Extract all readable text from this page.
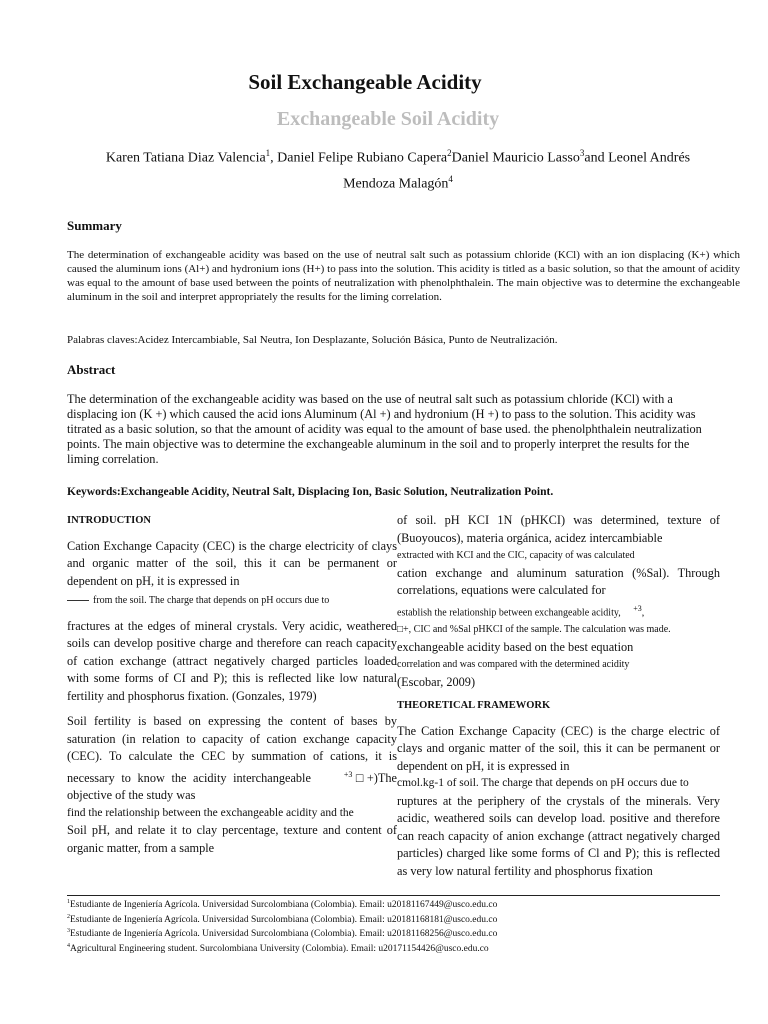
Soil Exchangeable Acidity
Exchangeable Soil Acidity
Karen Tatiana Diaz Valencia$^1$, Daniel Felipe Rubiano Capera$^2$Daniel Mauricio Lasso$^3$and Leonel Andrés
Mendoza Malagón$^4$
Summary
The determination of exchangeable acidity was based on the use of neutral salt such as potassium chloride (KCl) with an ion displacing (K+) which caused the aluminum ions (Al+) and hydronium ions (H+) to pass into the solution. This acidity is titled as a basic solution, so that the amount of acidity was equal to the amount of base used between the points of neutralization with phenolphthalein. The main objective was to determine the exchangeable aluminum in the soil and interpret appropriately the results for the liming correlation.
Palabras claves:Acidez Intercambiable, Sal Neutra, Ion Desplazante, Solución Básica, Punto de Neutralización.
Abstract
The determination of the exchangeable acidity was based on the use of neutral salt such as potassium chloride (KCl) with a displacing ion (K +) which caused the acid ions Aluminum (Al +) and hydronium (H +) to pass to the solution. This acidity was titrated as a basic solution, so that the amount of acidity was equal to the amount of base used. the phenolphthalein neutralization points. The main objective was to determine the exchangeable aluminum in the soil and to properly interpret the results for the liming correlation.
Keywords:Exchangeable Acidity, Neutral Salt, Displacing Ion, Basic Solution, Neutralization Point.

INTRODUCTION

Cation Exchange Capacity (CEC) is the charge electricity of clays and organic matter of the soil, this it can be permanent or dependent on pH, it is expressed in

from the soil. The charge that depends on pH occurs due to

fractures at the edges of mineral crystals. Very acidic, weathered soils can develop positive charge and therefore can reach capacity of cation exchange (attract negatively charged particles loaded with some forms of CI and P); this is reflected like low natural fertility and phosphorus fixation. (Gonzales, 1979)

Soil fertility is based on expressing the content of bases by saturation (in relation to capacity of cation exchange capacity (CEC). To calculate the CEC by summation of cations, it is necessary to know the acidity interchangeable	$^{+3}$□+)The objective of the study was

find the relationship between the exchangeable acidity and the

Soil pH, and relate it to clay percentage, texture and content of organic matter, from a sample

of soil. pH KCI 1N (pHKCI) was determined, texture of (Buoyoucos), materia orgánica, acidez intercambiable

extracted with KCI and the CIC, capacity of was calculated

cation exchange and aluminum saturation (%Sal). Through correlations, equations were calculated for

establish the relationship between exchangeable acidity, $^{+3}$,

□+, CIC and %Sal pHKCI of the sample. The calculation was made.

exchangeable acidity based on the best equation

correlation and was compared with the determined acidity

(Escobar, 2009)

THEORETICAL FRAMEWORK

The Cation Exchange Capacity (CEC) is the charge electric of clays and organic matter of the soil, this it can be permanent or dependent on pH, it is expressed in

cmol.kg-1 of soil. The charge that depends on pH occurs due to

ruptures at the periphery of the crystals of the minerals. Very acidic, weathered soils can develop load. positive and therefore can reach capacity of anion exchange (attract negatively charged particles) charged like some forms of Cl and P); this is reflected as very low natural fertility and phosphorus fixation

$^1$Estudiante de Ingeniería Agrícola. Universidad Surcolombiana (Colombia). Email: u20181167449@usco.edu.co
$^2$Estudiante de Ingeniería Agrícola. Universidad Surcolombiana (Colombia). Email: u20181168181@usco.edu.co
$^3$Estudiante de Ingeniería Agrícola. Universidad Surcolombiana (Colombia). Email: u20181168256@usco.edu.co
$^4$Agricultural Engineering student. Surcolombiana University (Colombia). Email: u20171154426@usco.edu.co
